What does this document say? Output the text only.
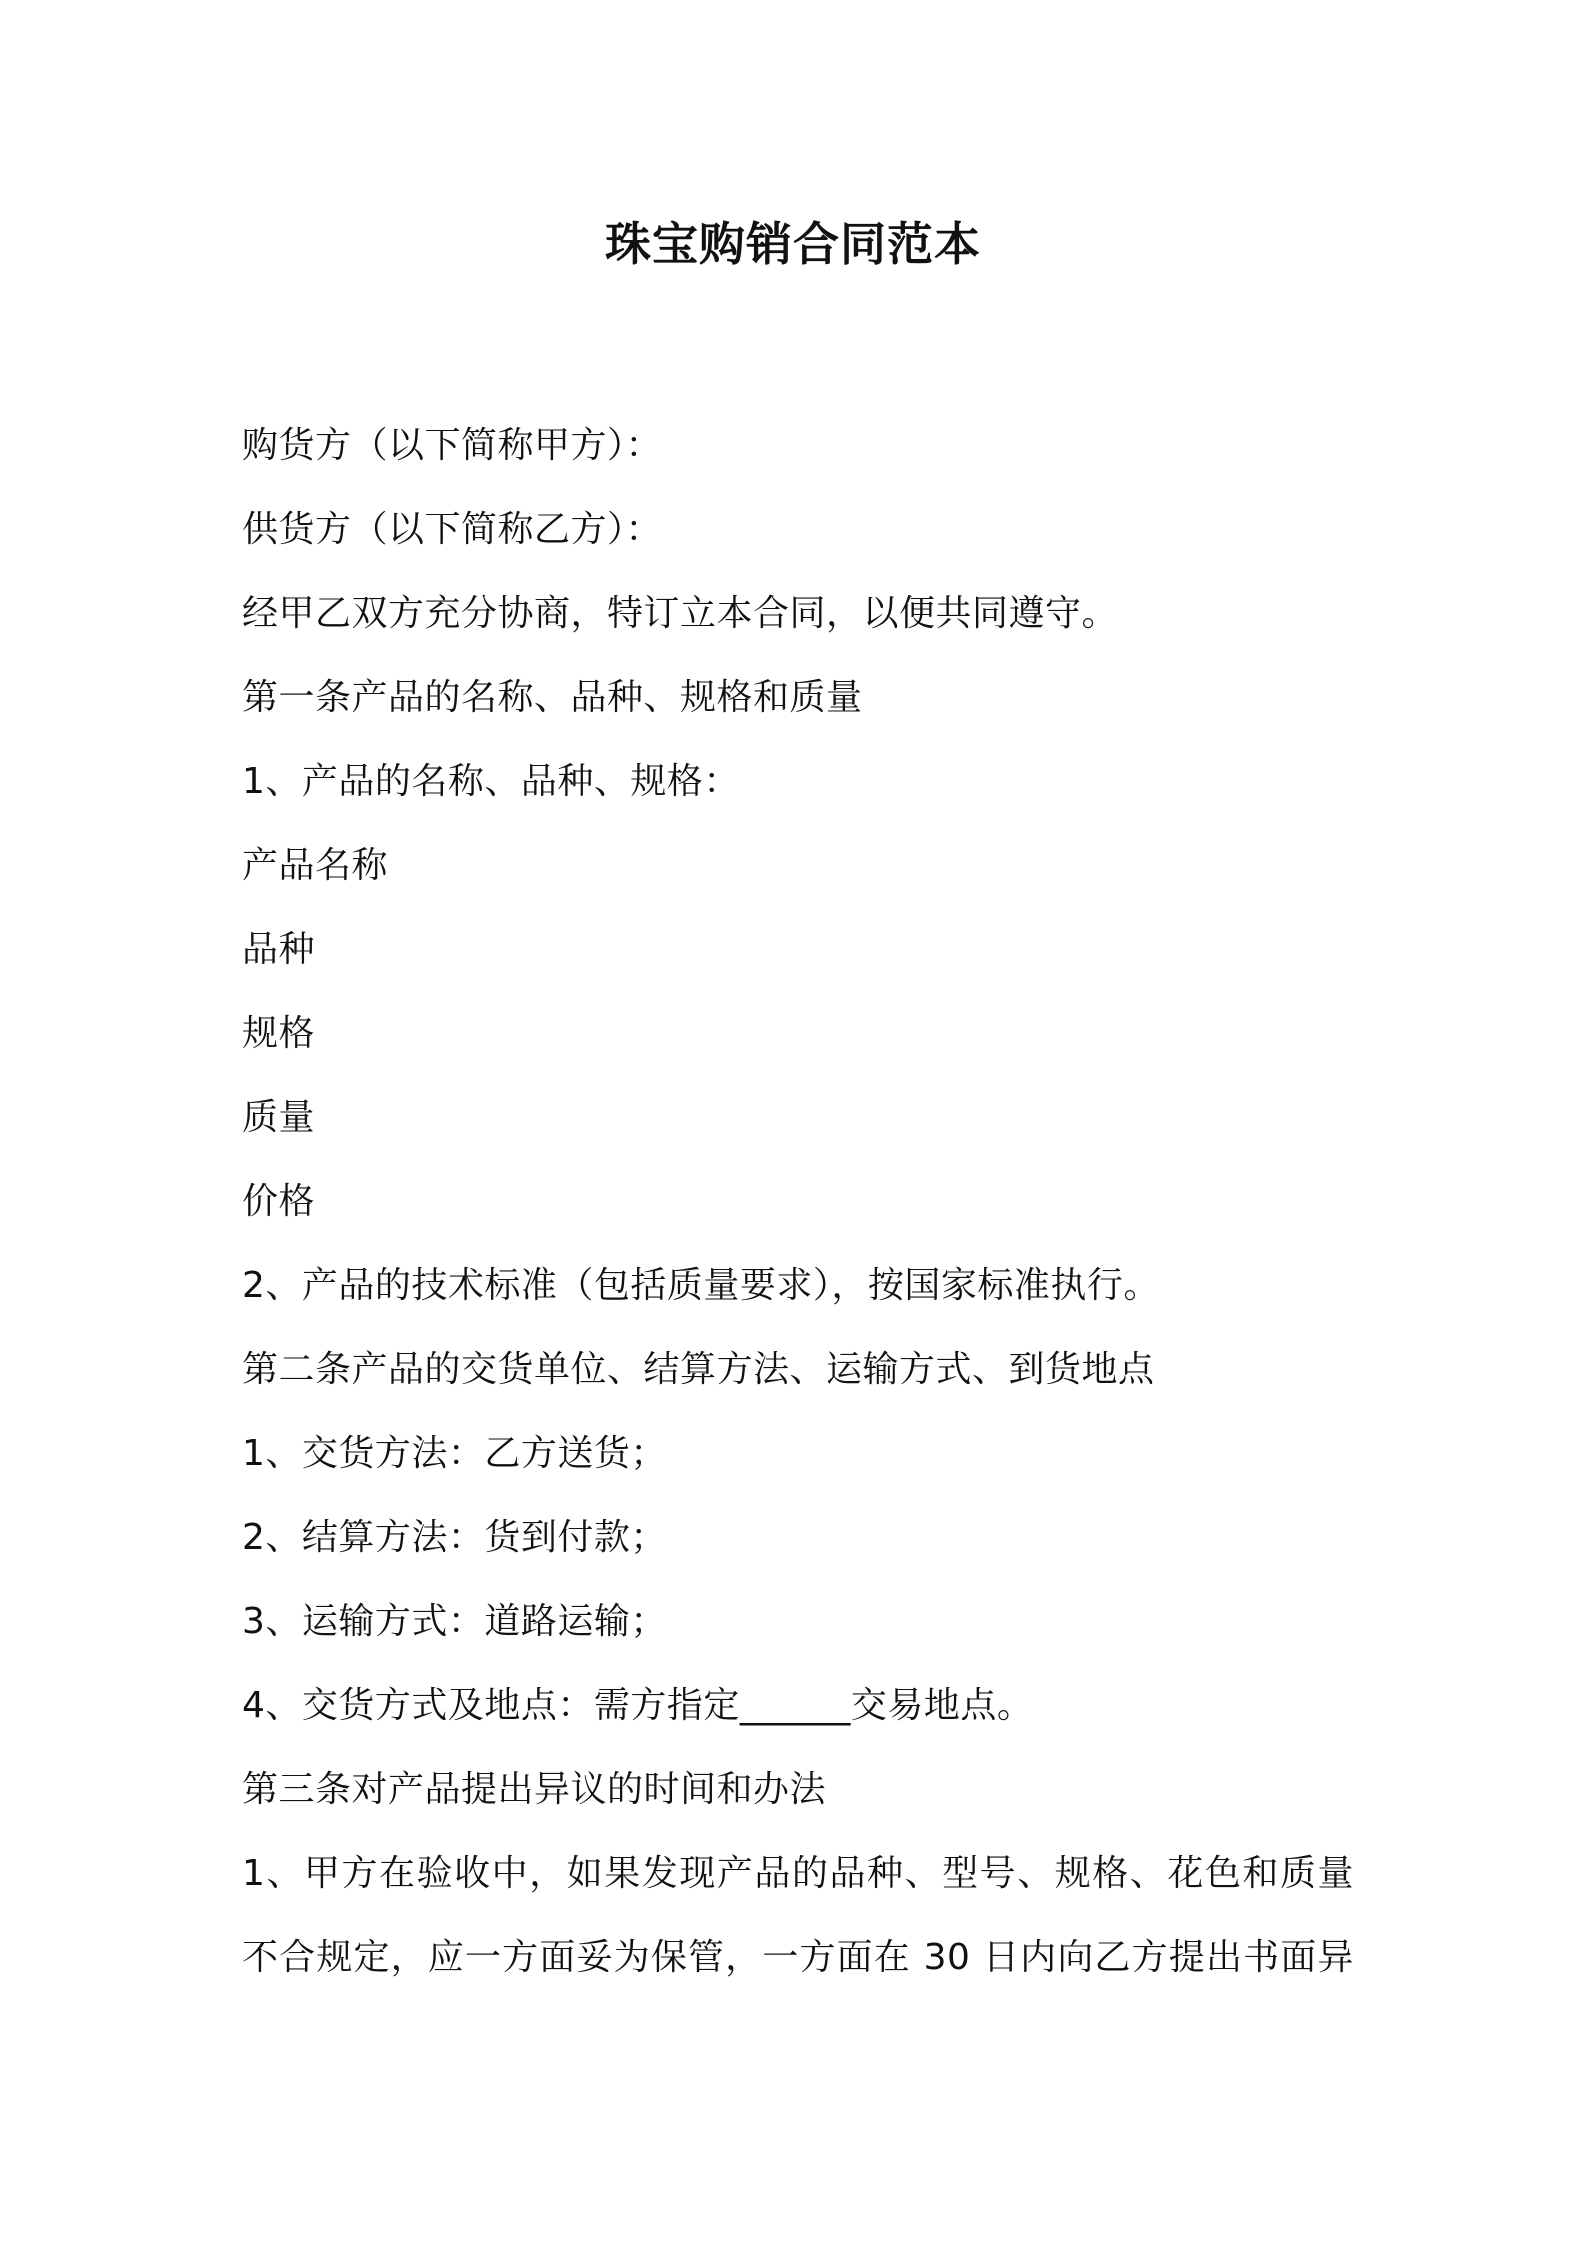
珠宝购销合同范本

购货方（以下简称甲方）：

供货方（以下简称乙方）：

经甲乙双方充分协商，特订立本合同，以便共同遵守。

第一条产品的名称、品种、规格和质量

1、产品的名称、品种、规格：

产品名称

品种

规格

质量

价格

2、产品的技术标准（包括质量要求），按国家标准执行。

第二条产品的交货单位、结算方法、运输方式、到货地点

1、交货方法：乙方送货；

2、结算方法：货到付款；

3、运输方式：道路运输；

4、交货方式及地点：需方指定______交易地点。

第三条对产品提出异议的时间和办法

1、甲方在验收中，如果发现产品的品种、型号、规格、花色和质量

不合规定，应一方面妥为保管，一方面在 30 日内向乙方提出书面异
